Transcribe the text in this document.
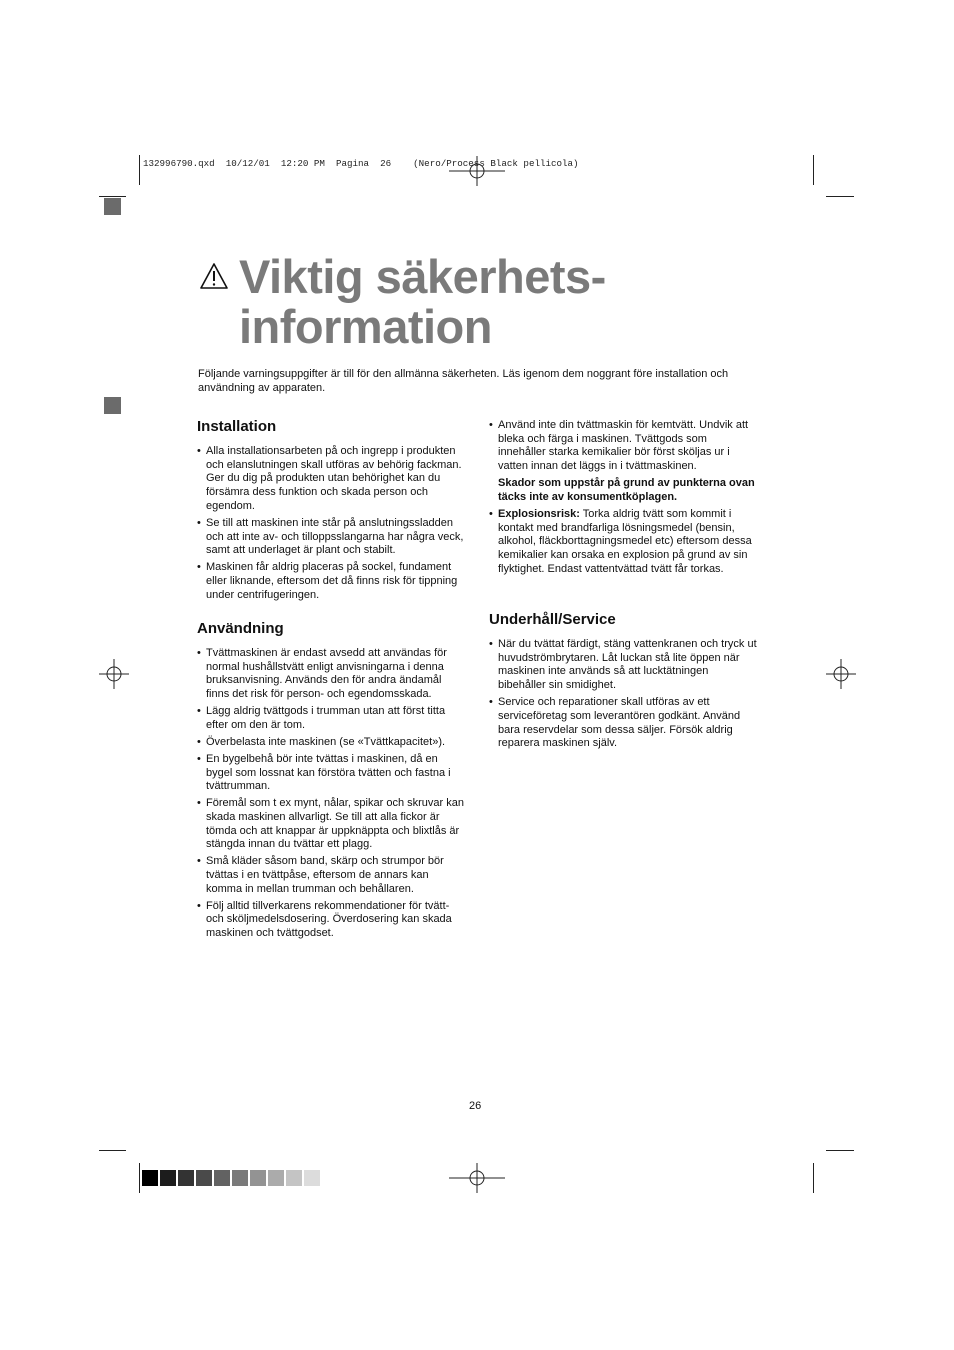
132996790.qxd  10/12/01  12:20 PM  Pagina  26    (Nero/Process Black pellicola)
Viktig säkerhets-
information
Följande varningsuppgifter är till för den allmänna säkerheten. Läs igenom dem noggrant före installation och användning av apparaten.
Installation
• Alla installationsarbeten på och ingrepp i produkten och elanslutningen skall utföras av behörig fackman. Ger du dig på produkten utan behörighet kan du försämra dess funktion och skada person och egendom.
• Se till att maskinen inte står på anslutningssladden och att inte av- och tilloppsslangarna har några veck, samt att underlaget är plant och stabilt.
• Maskinen får aldrig placeras på sockel, fundament eller liknande, eftersom det då finns risk för tippning under centrifugeringen.
Användning
• Tvättmaskinen är endast avsedd att användas för normal hushållstvätt enligt anvisningarna i denna bruksanvisning. Används den för andra ändamål finns det risk för person- och egendomsskada.
• Lägg aldrig tvättgods i trumman utan att först titta efter om den är tom.
• Överbelasta inte maskinen (se «Tvättkapacitet»).
• En bygelbehå bör inte tvättas i maskinen, då en bygel som lossnat kan förstöra tvätten och fastna i tvättrumman.
• Föremål som t ex mynt, nålar, spikar och skruvar kan skada maskinen allvarligt. Se till att alla fickor är tömda och att knappar är uppknäppta och blixtlås är stängda innan du tvättar ett plagg.
• Små kläder såsom band, skärp och strumpor bör tvättas i en tvättpåse, eftersom de annars kan komma in mellan trumman och behållaren.
• Följ alltid tillverkarens rekommendationer för tvätt- och sköljmedelsdosering. Överdosering kan skada maskinen och tvättgodset.
• Använd inte din tvättmaskin för kemtvätt. Undvik att bleka och färga i maskinen. Tvättgods som innehåller starka kemikalier bör först sköljas ur i vatten innan det läggs in i tvättmaskinen.
Skador som uppstår på grund av punkterna ovan täcks inte av konsumentköplagen.
• Explosionsrisk: Torka aldrig tvätt som kommit i kontakt med brandfarliga lösningsmedel (bensin, alkohol, fläckborttagningsmedel etc) eftersom dessa kemikalier kan orsaka en explosion på grund av sin flyktighet. Endast vattentvättad tvätt får torkas.
Underhåll/Service
• När du tvättat färdigt, stäng vattenkranen och tryck ut huvudströmbrytaren. Låt luckan stå lite öppen när maskinen inte används så att lucktätningen bibehåller sin smidighet.
• Service och reparationer skall utföras av ett serviceföretag som leverantören godkänt. Använd bara reservdelar som dessa säljer. Försök aldrig reparera maskinen själv.
26
